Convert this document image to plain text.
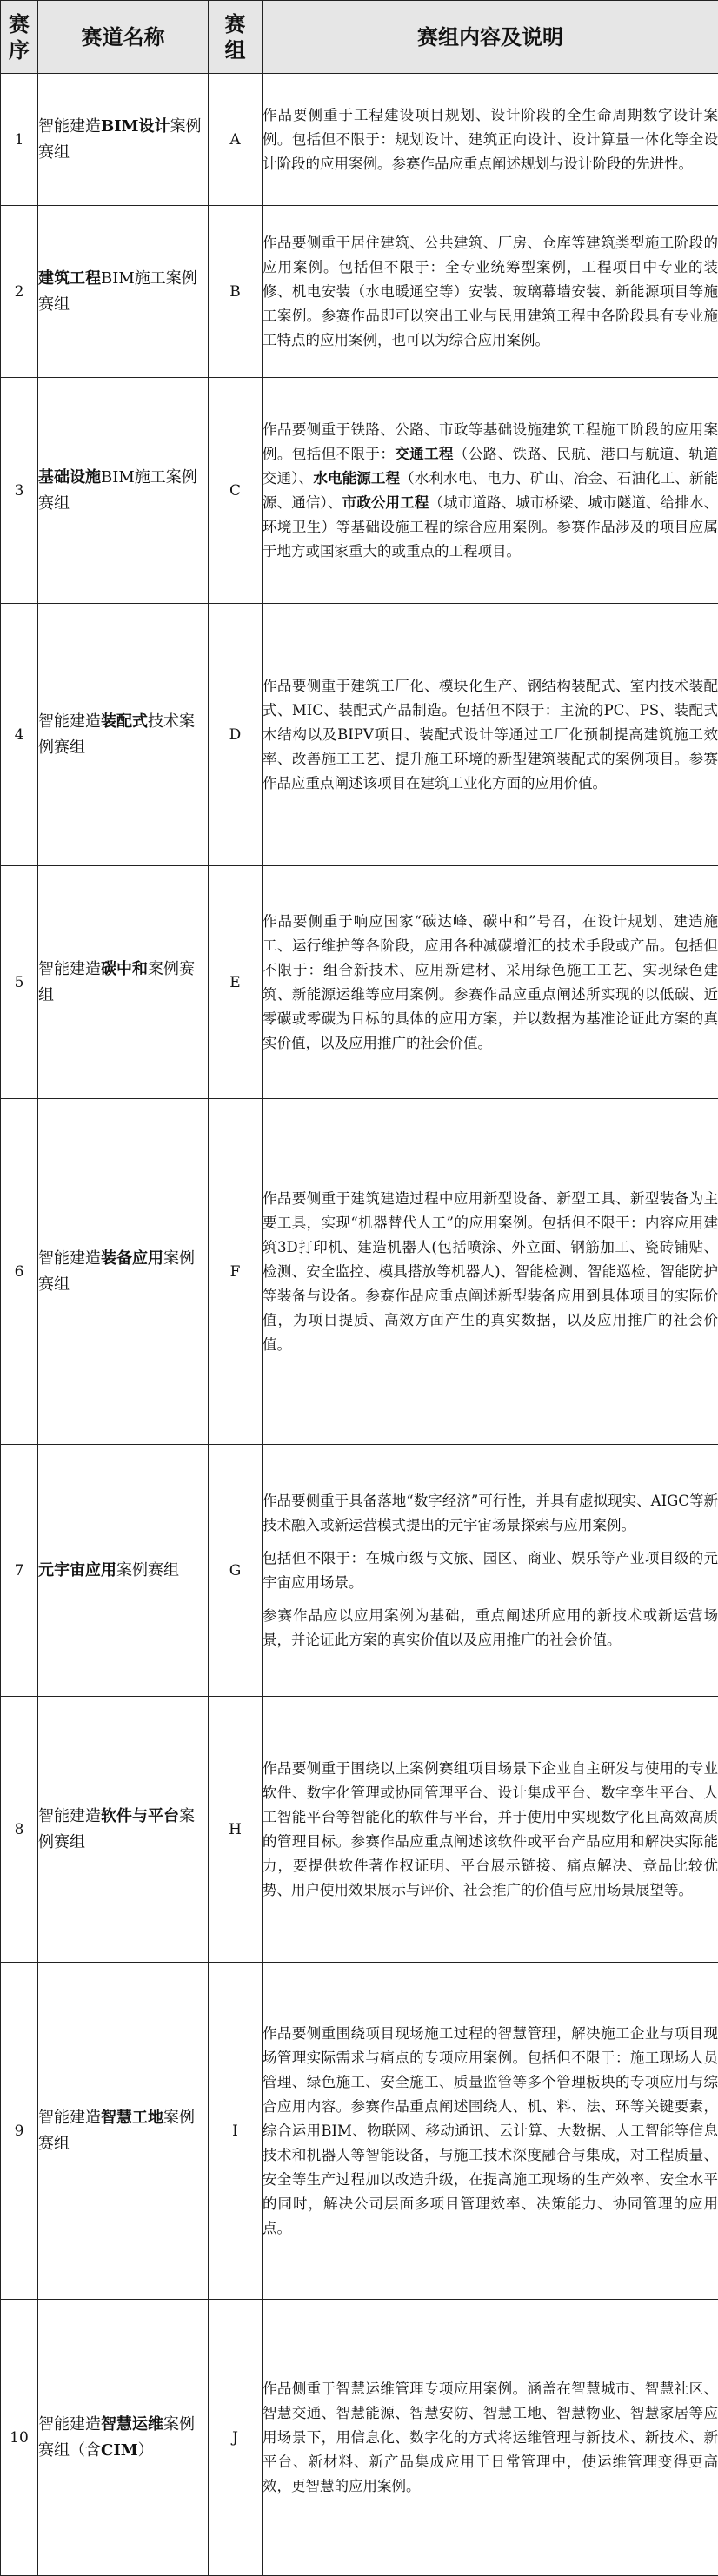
赛序	赛道名称	赛组	赛组内容及说明
1	智能建造BIM设计案例赛组	A	作品要侧重于工程建设项目规划、设计阶段的全生命周期数字设计案例。包括但不限于：规划设计、建筑正向设计、设计算量一体化等全设计阶段的应用案例。参赛作品应重点阐述规划与设计阶段的先进性。

2	建筑工程BIM施工案例赛组	B	作品要侧重于居住建筑、公共建筑、厂房、仓库等建筑类型施工阶段的应用案例。包括但不限于：全专业统筹型案例，工程项目中专业的装修、机电安装（水电暖通空等）安装、玻璃幕墙安装、新能源项目等施工案例。参赛作品即可以突出工业与民用建筑工程中各阶段具有专业施工特点的应用案例，也可以为综合应用案例。

3	基础设施BIM施工案例赛组	C	作品要侧重于铁路、公路、市政等基础设施建筑工程施工阶段的应用案例。包括但不限于：交通工程（公路、铁路、民航、港口与航道、轨道交通）、水电能源工程（水利水电、电力、矿山、冶金、石油化工、新能源、通信）、市政公用工程（城市道路、城市桥梁、城市隧道、给排水、环境卫生）等基础设施工程的综合应用案例。参赛作品涉及的项目应属于地方或国家重大的或重点的工程项目。

4	智能建造装配式技术案例赛组	D	作品要侧重于建筑工厂化、模块化生产、钢结构装配式、室内技术装配式、MIC、装配式产品制造。包括但不限于：主流的PC、PS、装配式木结构以及BIPV项目、装配式设计等通过工厂化预制提高建筑施工效率、改善施工工艺、提升施工环境的新型建筑装配式的案例项目。参赛作品应重点阐述该项目在建筑工业化方面的应用价值。

5	智能建造碳中和案例赛组	E	作品要侧重于响应国家“碳达峰、碳中和”号召，在设计规划、建造施工、运行维护等各阶段，应用各种减碳增汇的技术手段或产品。包括但不限于：组合新技术、应用新建材、采用绿色施工工艺、实现绿色建筑、新能源运维等应用案例。参赛作品应重点阐述所实现的以低碳、近零碳或零碳为目标的具体的应用方案，并以数据为基准论证此方案的真实价值，以及应用推广的社会价值。

6	智能建造装备应用案例赛组	F	作品要侧重于建筑建造过程中应用新型设备、新型工具、新型装备为主要工具，实现“机器替代人工”的应用案例。包括但不限于：内容应用建筑3D打印机、建造机器人(包括喷涂、外立面、钢筋加工、瓷砖铺贴、检测、安全监控、模具搭放等机器人)、智能检测、智能巡检、智能防护等装备与设备。参赛作品应重点阐述新型装备应用到具体项目的实际价值，为项目提质、高效方面产生的真实数据，以及应用推广的社会价值。

7	元宇宙应用案例赛组	G	作品要侧重于具备落地“数字经济”可行性，并具有虚拟现实、AIGC等新技术融入或新运营模式提出的元宇宙场景探索与应用案例。

包括但不限于：在城市级与文旅、园区、商业、娱乐等产业项目级的元宇宙应用场景。

参赛作品应以应用案例为基础，重点阐述所应用的新技术或新运营场景，并论证此方案的真实价值以及应用推广的社会价值。

8	智能建造软件与平台案例赛组	H	作品要侧重于围绕以上案例赛组项目场景下企业自主研发与使用的专业软件、数字化管理或协同管理平台、设计集成平台、数字孪生平台、人工智能平台等智能化的软件与平台，并于使用中实现数字化且高效高质的管理目标。参赛作品应重点阐述该软件或平台产品应用和解决实际能力，要提供软件著作权证明、平台展示链接、痛点解决、竞品比较优势、用户使用效果展示与评价、社会推广的价值与应用场景展望等。

9	智能建造智慧工地案例赛组	I	作品要侧重围绕项目现场施工过程的智慧管理，解决施工企业与项目现场管理实际需求与痛点的专项应用案例。包括但不限于：施工现场人员管理、绿色施工、安全施工、质量监管等多个管理板块的专项应用与综合应用内容。参赛作品重点阐述围绕人、机、料、法、环等关键要素，综合运用BIM、物联网、移动通讯、云计算、大数据、人工智能等信息技术和机器人等智能设备，与施工技术深度融合与集成，对工程质量、安全等生产过程加以改造升级，在提高施工现场的生产效率、安全水平的同时，解决公司层面多项目管理效率、决策能力、协同管理的应用点。

10	智能建造智慧运维案例赛组（含CIM）	J	作品侧重于智慧运维管理专项应用案例。涵盖在智慧城市、智慧社区、智慧交通、智慧能源、智慧安防、智慧工地、智慧物业、智慧家居等应用场景下，用信息化、数字化的方式将运维管理与新技术、新技术、新平台、新材料、新产品集成应用于日常管理中，使运维管理变得更高效，更智慧的应用案例。
